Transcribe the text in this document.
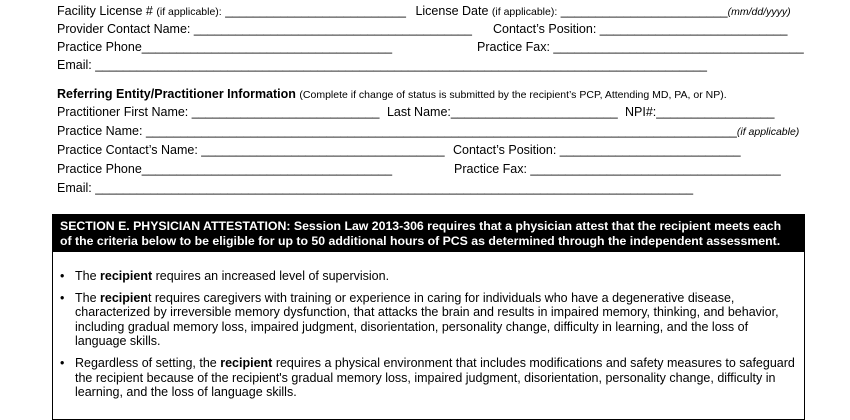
Facility License # (if applicable): __________________________ License Date (if applicable): ________________________(mm/dd/yyyy)
Provider Contact Name: ________________________________________ Contact’s Position: ___________________________
Practice Phone____________________________________	Practice Fax: ____________________________________
Email: ________________________________________________________________________________________
Referring Entity/Practitioner Information (Complete if change of status is submitted by the recipient’s PCP, Attending MD, PA, or NP).
Practitioner First Name: ___________________________ Last Name:________________________ NPI#:_________________
Practice Name: _____________________________________________________________________________________(if applicable)
Practice Contact’s Name: ___________________________________ Contact’s Position: __________________________
Practice Phone____________________________________	Practice Fax: ____________________________________
Email: ______________________________________________________________________________________
SECTION E. PHYSICIAN ATTESTATION: Session Law 2013-306 requires that a physician attest that the recipient meets each
of the criteria below to be eligible for up to 50 additional hours of PCS as determined through the independent assessment.
•
The recipient requires an increased level of supervision.
•
The recipient requires caregivers with training or experience in caring for individuals who have a degenerative disease, characterized by irreversible memory dysfunction, that attacks the brain and results in impaired memory, thinking, and behavior, including gradual memory loss, impaired judgment, disorientation, personality change, difficulty in learning, and the loss of language skills.
•
Regardless of setting, the recipient requires a physical environment that includes modifications and safety measures to safeguard the recipient because of the recipient's gradual memory loss, impaired judgment, disorientation, personality change, difficulty in learning, and the loss of language skills.
